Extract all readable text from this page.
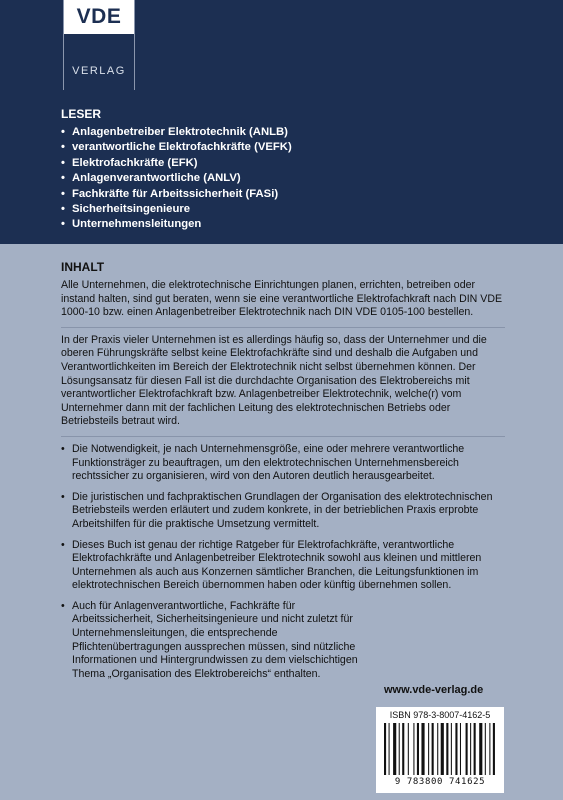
VDE
VERLAG
LESER
• Anlagenbetreiber Elektrotechnik (ANLB)
• verantwortliche Elektrofachkräfte (VEFK)
• Elektrofachkräfte (EFK)
• Anlagenverantwortliche (ANLV)
• Fachkräfte für Arbeitssicherheit (FASi)
• Sicherheitsingenieure
• Unternehmensleitungen
INHALT

Alle Unternehmen, die elektrotechnische Einrichtungen planen, errichten, betreiben oder instand halten, sind gut beraten, wenn sie eine verantwortliche Elektrofachkraft nach DIN VDE 1000-10 bzw. einen Anlagenbetreiber Elektrotechnik nach DIN VDE 0105-100 bestellen.

In der Praxis vieler Unternehmen ist es allerdings häufig so, dass der Unternehmer und die oberen Führungskräfte selbst keine Elektrofachkräfte sind und deshalb die Aufgaben und Verantwortlichkeiten im Bereich der Elektrotechnik nicht selbst übernehmen können. Der Lösungsansatz für diesen Fall ist die durchdachte Organisation des Elektrobereichs mit verantwortlicher Elektrofachkraft bzw. Anlagenbetreiber Elektrotechnik, welche(r) vom Unternehmer dann mit der fachlichen Leitung des elektrotechnischen Betriebs oder Betriebsteils betraut wird.

• Die Notwendigkeit, je nach Unternehmensgröße, eine oder mehrere verantwortliche Funktionsträger zu beauftragen, um den elektrotechnischen Unternehmensbereich rechtssicher zu organisieren, wird von den Autoren deutlich herausgearbeitet.
• Die juristischen und fachpraktischen Grundlagen der Organisation des elektrotechnischen Betriebsteils werden erläutert und zudem konkrete, in der betrieblichen Praxis erprobte Arbeitshilfen für die praktische Umsetzung vermittelt.
• Dieses Buch ist genau der richtige Ratgeber für Elektrofachkräfte, verantwortliche Elektrofachkräfte und Anlagenbetreiber Elektrotechnik sowohl aus kleinen und mittleren Unternehmen als auch aus Konzernen sämtlicher Branchen, die Leitungsfunktionen im elektrotechnischen Bereich übernommen haben oder künftig übernehmen sollen.
• Auch für Anlagenverantwortliche, Fachkräfte für Arbeitssicherheit, Sicherheitsingenieure und nicht zuletzt für Unternehmensleitungen, die entsprechende Pflichtenübertragungen aussprechen müssen, sind nützliche Informationen und Hintergrundwissen zu dem vielschichtigen Thema „Organisation des Elektrobereichs“ enthalten.
www.vde-verlag.de
ISBN 978-3-8007-4162-5
9 783800 741625
